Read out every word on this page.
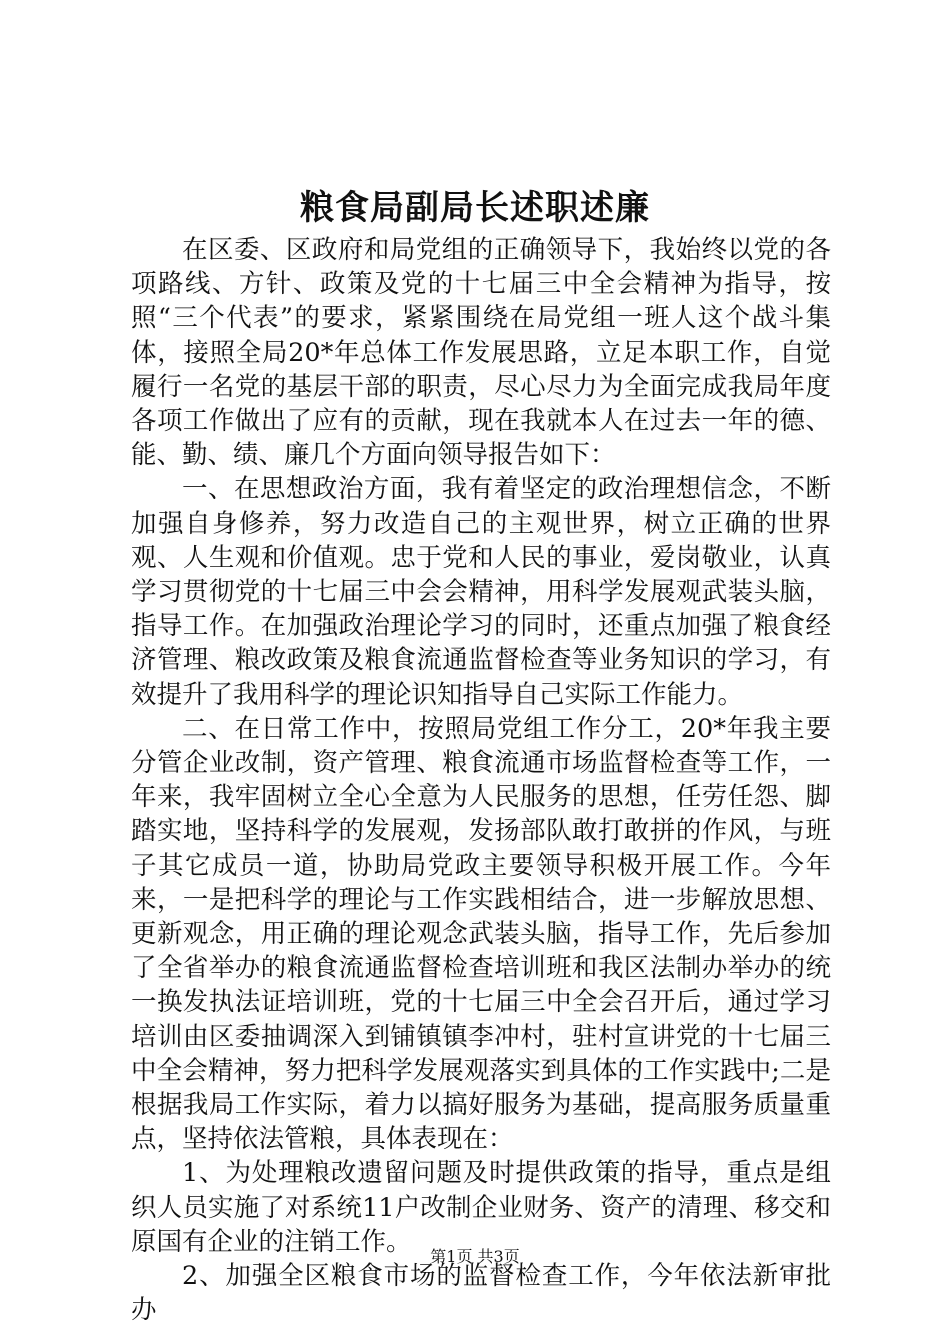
粮食局副局长述职述廉

在区委、区政府和局党组的正确领导下，我始终以党的各项路线、方针、政策及党的十七届三中全会精神为指导，按照“三个代表”的要求，紧紧围绕在局党组一班人这个战斗集体，接照全局20*年总体工作发展思路，立足本职工作，自觉履行一名党的基层干部的职责，尽心尽力为全面完成我局年度各项工作做出了应有的贡献，现在我就本人在过去一年的德、能、勤、绩、廉几个方面向领导报告如下：

一、在思想政治方面，我有着坚定的政治理想信念，不断加强自身修养，努力改造自己的主观世界，树立正确的世界观、人生观和价值观。忠于党和人民的事业，爱岗敬业，认真学习贯彻党的十七届三中会会精神，用科学发展观武装头脑，指导工作。在加强政治理论学习的同时，还重点加强了粮食经济管理、粮改政策及粮食流通监督检查等业务知识的学习，有效提升了我用科学的理论识知指导自己实际工作能力。

二、在日常工作中，按照局党组工作分工，20*年我主要分管企业改制，资产管理、粮食流通市场监督检查等工作，一年来，我牢固树立全心全意为人民服务的思想，任劳任怨、脚踏实地，坚持科学的发展观，发扬部队敢打敢拼的作风，与班子其它成员一道，协助局党政主要领导积极开展工作。今年来，一是把科学的理论与工作实践相结合，进一步解放思想、更新观念，用正确的理论观念武装头脑，指导工作，先后参加了全省举办的粮食流通监督检查培训班和我区法制办举办的统一换发执法证培训班，党的十七届三中全会召开后，通过学习培训由区委抽调深入到铺镇镇李冲村，驻村宣讲党的十七届三中全会精神，努力把科学发展观落实到具体的工作实践中;二是根据我局工作实际，着力以搞好服务为基础，提高服务质量重点，坚持依法管粮，具体表现在：

1、为处理粮改遗留问题及时提供政策的指导，重点是组织人员实施了对系统11户改制企业财务、资产的清理、移交和原国有企业的注销工作。

2、加强全区粮食市场的监督检查工作，今年依法新审批办

第1页 共3页
